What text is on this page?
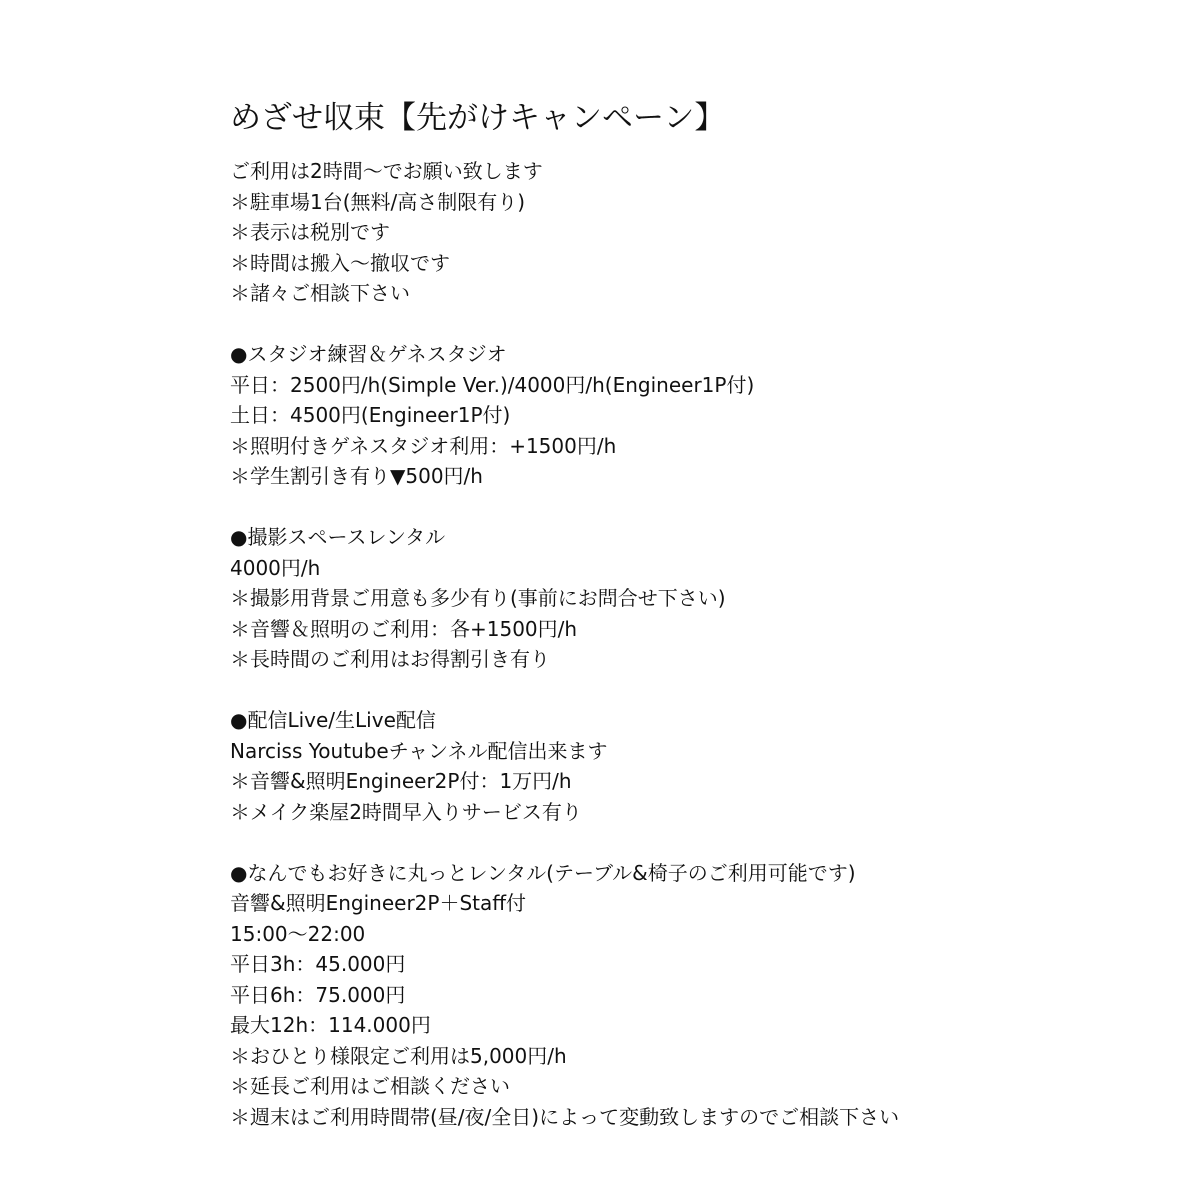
めざせ収束【先がけキャンペーン】
ご利用は2時間～でお願い致します
＊駐車場1台(無料/高さ制限有り)
＊表示は税別です
＊時間は搬入～撤収です
＊諸々ご相談下さい
●スタジオ練習＆ゲネスタジオ
平日：2500円/h(Simple Ver.)/4000円/h(Engineer1P付)
土日：4500円(Engineer1P付)
＊照明付きゲネスタジオ利用：+1500円/h
＊学生割引き有り▼500円/h
●撮影スペースレンタル
4000円/h
＊撮影用背景ご用意も多少有り(事前にお問合せ下さい)
＊音響＆照明のご利用：各+1500円/h
＊長時間のご利用はお得割引き有り
●配信Live/生Live配信
Narciss Youtubeチャンネル配信出来ます
＊音響&照明Engineer2P付：1万円/h
＊メイク楽屋2時間早入りサービス有り
●なんでもお好きに丸っとレンタル(テーブル&椅子のご利用可能です)
音響&照明Engineer2P＋Staff付
15:00～22:00
平日3h：45.000円
平日6h：75.000円
最大12h：114.000円
＊おひとり様限定ご利用は5,000円/h
＊延長ご利用はご相談ください
＊週末はご利用時間帯(昼/夜/全日)によって変動致しますのでご相談下さい
